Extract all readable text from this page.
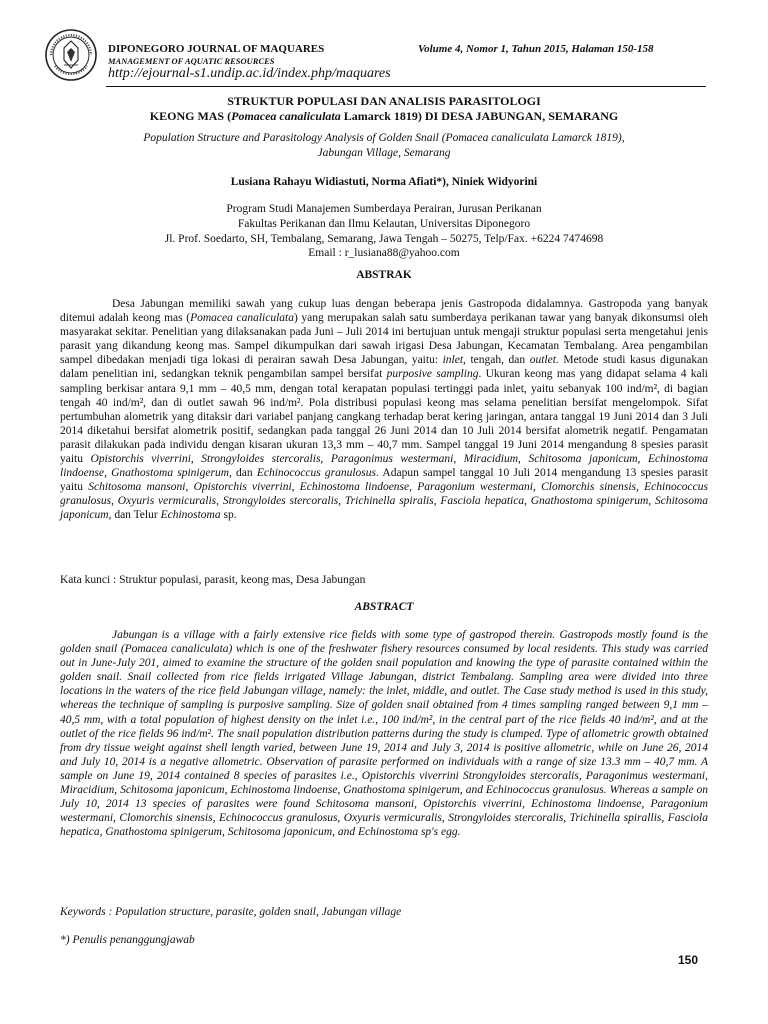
DIPONEGORO JOURNAL OF MAQUARES	Volume 4, Nomor 1, Tahun 2015, Halaman 150-158
MANAGEMENT OF AQUATIC RESOURCES
http://ejournal-s1.undip.ac.id/index.php/maquares
STRUKTUR POPULASI DAN ANALISIS PARASITOLOGI
KEONG MAS (Pomacea canaliculata Lamarck 1819) DI DESA JABUNGAN, SEMARANG
Population Structure and Parasitology Analysis of Golden Snail (Pomacea canaliculata Lamarck 1819),
Jabungan Village, Semarang
Lusiana Rahayu Widiastuti, Norma Afiati*), Niniek Widyorini
Program Studi Manajemen Sumberdaya Perairan, Jurusan Perikanan
Fakultas Perikanan dan Ilmu Kelautan, Universitas Diponegoro
Jl. Prof. Soedarto, SH, Tembalang, Semarang, Jawa Tengah – 50275, Telp/Fax. +6224 7474698
Email : r_lusiana88@yahoo.com
ABSTRAK

Desa Jabungan memiliki sawah yang cukup luas dengan beberapa jenis Gastropoda didalamnya. Gastropoda yang banyak ditemui adalah keong mas (Pomacea canaliculata) yang merupakan salah satu sumberdaya perikanan tawar yang banyak dikonsumsi oleh masyarakat sekitar. Penelitian yang dilaksanakan pada Juni – Juli 2014 ini bertujuan untuk mengaji struktur populasi serta mengetahui jenis parasit yang dikandung keong mas. Sampel dikumpulkan dari sawah irigasi Desa Jabungan, Kecamatan Tembalang. Area pengambilan sampel dibedakan menjadi tiga lokasi di perairan sawah Desa Jabungan, yaitu: inlet, tengah, dan outlet. Metode studi kasus digunakan dalam penelitian ini, sedangkan teknik pengambilan sampel bersifat purposive sampling. Ukuran keong mas yang didapat selama 4 kali sampling berkisar antara 9,1 mm – 40,5 mm, dengan total kerapatan populasi tertinggi pada inlet, yaitu sebanyak 100 ind/m², di bagian tengah 40 ind/m², dan di outlet sawah 96 ind/m². Pola distribusi populasi keong mas selama penelitian bersifat mengelompok. Sifat pertumbuhan alometrik yang ditaksir dari variabel panjang cangkang terhadap berat kering jaringan, antara tanggal 19 Juni 2014 dan 3 Juli 2014 diketahui bersifat alometrik positif, sedangkan pada tanggal 26 Juni 2014 dan 10 Juli 2014 bersifat alometrik negatif. Pengamatan parasit dilakukan pada individu dengan kisaran ukuran 13,3 mm – 40,7 mm. Sampel tanggal 19 Juni 2014 mengandung 8 spesies parasit yaitu Opistorchis viverrini, Strongyloides stercoralis, Paragonimus westermani, Miracidium, Schitosoma japonicum, Echinostoma lindoense, Gnathostoma spinigerum, dan Echinococcus granulosus. Adapun sampel tanggal 10 Juli 2014 mengandung 13 spesies parasit yaitu Schitosoma mansoni, Opistorchis viverrini, Echinostoma lindoense, Paragonium westermani, Clomorchis sinensis, Echinococcus granulosus, Oxyuris vermicuralis, Strongyloides stercoralis, Trichinella spiralis, Fasciola hepatica, Gnathostoma spinigerum, Schitosoma japonicum, dan Telur Echinostoma sp.

Kata kunci : Struktur populasi, parasit, keong mas, Desa Jabungan
ABSTRACT

Jabungan is a village with a fairly extensive rice fields with some type of gastropod therein. Gastropods mostly found is the golden snail (Pomacea canaliculata) which is one of the freshwater fishery resources consumed by local residents. This study was carried out in June-July 201, aimed to examine the structure of the golden snail population and knowing the type of parasite contained within the golden snail. Snail collected from rice fields irrigated Village Jabungan, district Tembalang. Sampling area were divided into three locations in the waters of the rice field Jabungan village, namely: the inlet, middle, and outlet. The Case study method is used in this study, whereas the technique of sampling is purposive sampling. Size of golden snail obtained from 4 times sampling ranged between 9,1 mm – 40,5 mm, with a total population of highest density on the inlet i.e., 100 ind/m², in the central part of the rice fields 40 ind/m², and at the outlet of the rice fields 96 ind/m². The snail population distribution patterns during the study is clumped. Type of allometric growth obtained from dry tissue weight against shell length varied, between June 19, 2014 and July 3, 2014 is positive allometric, while on June 26, 2014 and July 10, 2014 is a negative allometric. Observation of parasite performed on individuals with a range of size 13.3 mm – 40,7 mm. A sample on June 19, 2014 contained 8 species of parasites i.e., Opistorchis viverrini Strongyloides stercoralis, Paragonimus westermani, Miracidium, Schitosoma japonicum, Echinostoma lindoense, Gnathostoma spinigerum, and Echinococcus granulosus. Whereas a sample on July 10, 2014 13 species of parasites were found Schitosoma mansoni, Opistorchis viverrini, Echinostoma lindoense, Paragonium westermani, Clomorchis sinensis, Echinococcus granulosus, Oxyuris vermicuralis, Strongyloides stercoralis, Trichinella spirallis, Fasciola hepatica, Gnathostoma spinigerum, Schitosoma japonicum, and Echinostoma sp's egg.

Keywords : Population structure, parasite, golden snail, Jabungan village
*) Penulis penanggungjawab
150
